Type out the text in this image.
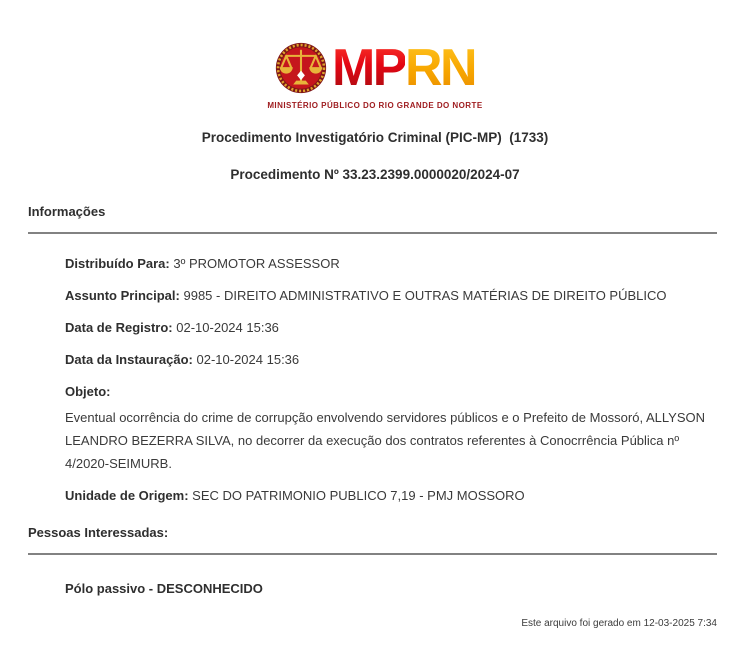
MPRN
MINISTÉRIO PÚBLICO DO RIO GRANDE DO NORTE
Procedimento Investigatório Criminal (PIC-MP)  (1733)
Procedimento Nº 33.23.2399.0000020/2024-07
Informações
Distribuído Para: 3º PROMOTOR ASSESSOR
Assunto Principal: 9985 - DIREITO ADMINISTRATIVO E OUTRAS MATÉRIAS DE DIREITO PÚBLICO
Data de Registro: 02-10-2024 15:36
Data da Instauração: 02-10-2024 15:36
Objeto:
Eventual ocorrência do crime de corrupção envolvendo servidores públicos e o Prefeito de Mossoró, ALLYSON LEANDRO BEZERRA SILVA, no decorrer da execução dos contratos referentes à Conocrrência Pública nº 4/2020-SEIMURB.
Unidade de Origem: SEC DO PATRIMONIO PUBLICO 7,19 - PMJ MOSSORO
Pessoas Interessadas:
Pólo passivo - DESCONHECIDO
Este arquivo foi gerado em 12-03-2025 7:34
